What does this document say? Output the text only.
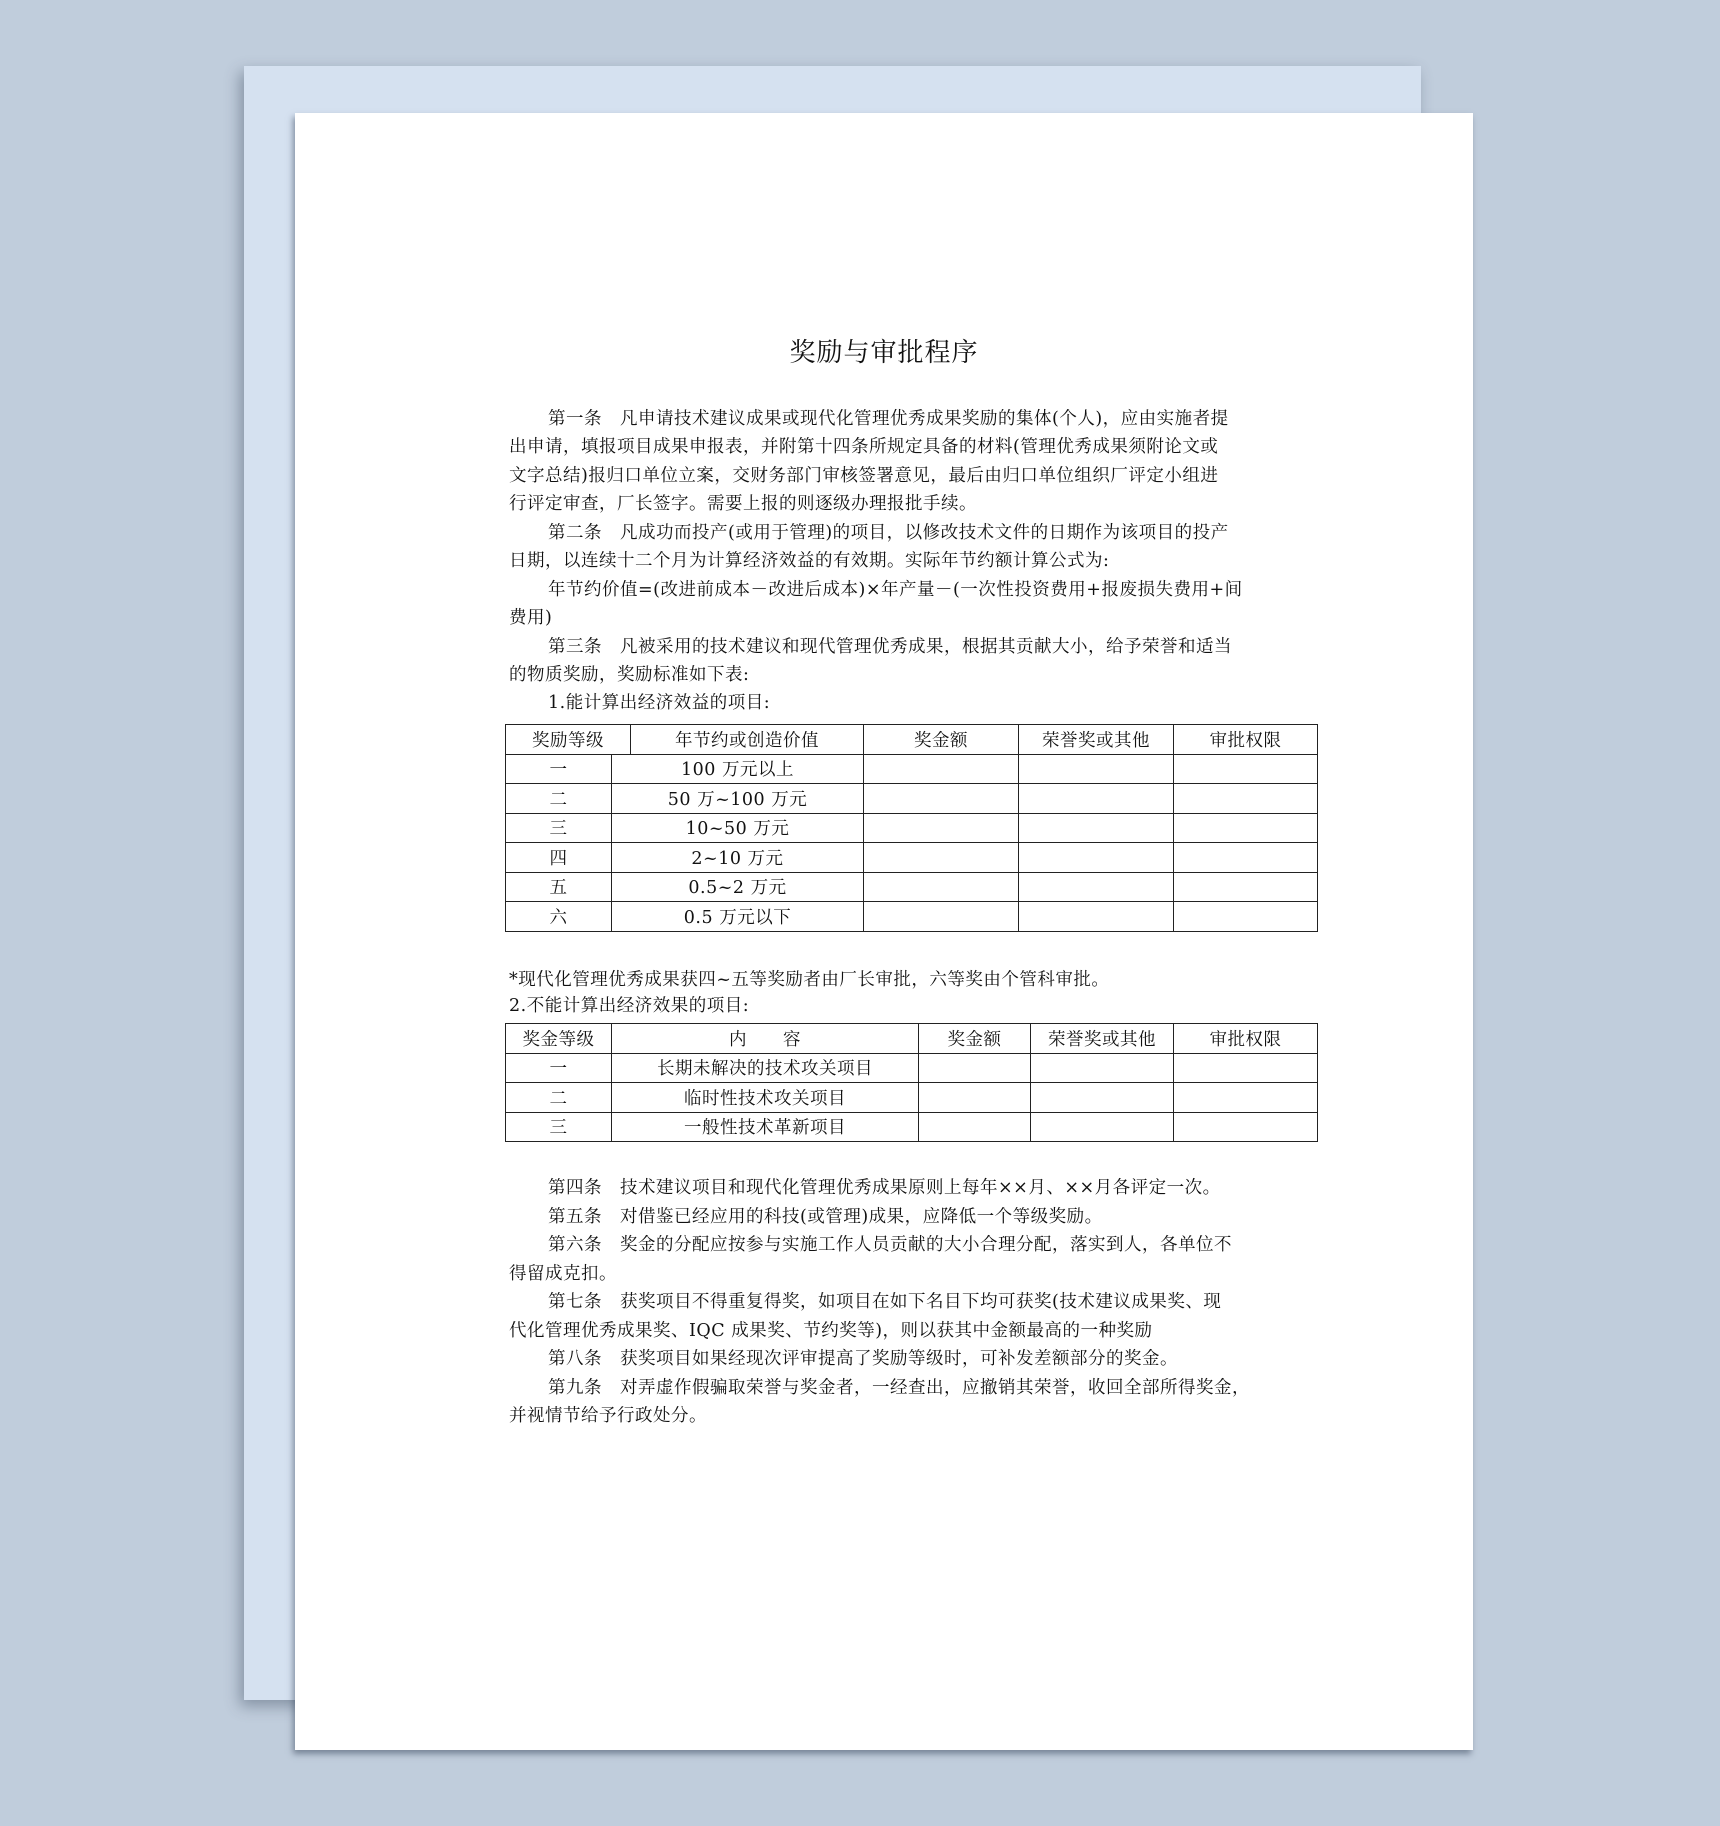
奖励与审批程序
第一条 凡申请技术建议成果或现代化管理优秀成果奖励的集体(个人)，应由实施者提
出申请，填报项目成果申报表，并附第十四条所规定具备的材料(管理优秀成果须附论文或
文字总结)报归口单位立案，交财务部门审核签署意见，最后由归口单位组织厂评定小组进
行评定审查，厂长签字。需要上报的则逐级办理报批手续。
第二条 凡成功而投产(或用于管理)的项目，以修改技术文件的日期作为该项目的投产
日期，以连续十二个月为计算经济效益的有效期。实际年节约额计算公式为:
年节约价值=(改进前成本－改进后成本)×年产量－(一次性投资费用+报废损失费用+间
费用)
第三条 凡被采用的技术建议和现代管理优秀成果，根据其贡献大小，给予荣誉和适当
的物质奖励，奖励标准如下表:
1.能计算出经济效益的项目:
奖励等级		年节约或创造价值	奖金额	荣誉奖或其他	审批权限
一	100 万元以上				
二	50 万~100 万元				
三	10~50 万元				
四	2~10 万元				
五	0.5~2 万元				
六	0.5 万元以下				
*现代化管理优秀成果获四~五等奖励者由厂长审批，六等奖由个管科审批。
2.不能计算出经济效果的项目:
奖金等级	内　　容	奖金额	荣誉奖或其他	审批权限
一	长期未解决的技术攻关项目			
二	临时性技术攻关项目			
三	一般性技术革新项目			
第四条 技术建议项目和现代化管理优秀成果原则上每年××月、××月各评定一次。
第五条 对借鉴已经应用的科技(或管理)成果，应降低一个等级奖励。
第六条 奖金的分配应按参与实施工作人员贡献的大小合理分配，落实到人，各单位不
得留成克扣。
第七条 获奖项目不得重复得奖，如项目在如下名目下均可获奖(技术建议成果奖、现
代化管理优秀成果奖、IQC 成果奖、节约奖等)，则以获其中金额最高的一种奖励
第八条 获奖项目如果经现次评审提高了奖励等级时，可补发差额部分的奖金。
第九条 对弄虚作假骗取荣誉与奖金者，一经查出，应撤销其荣誉，收回全部所得奖金，
并视情节给予行政处分。
